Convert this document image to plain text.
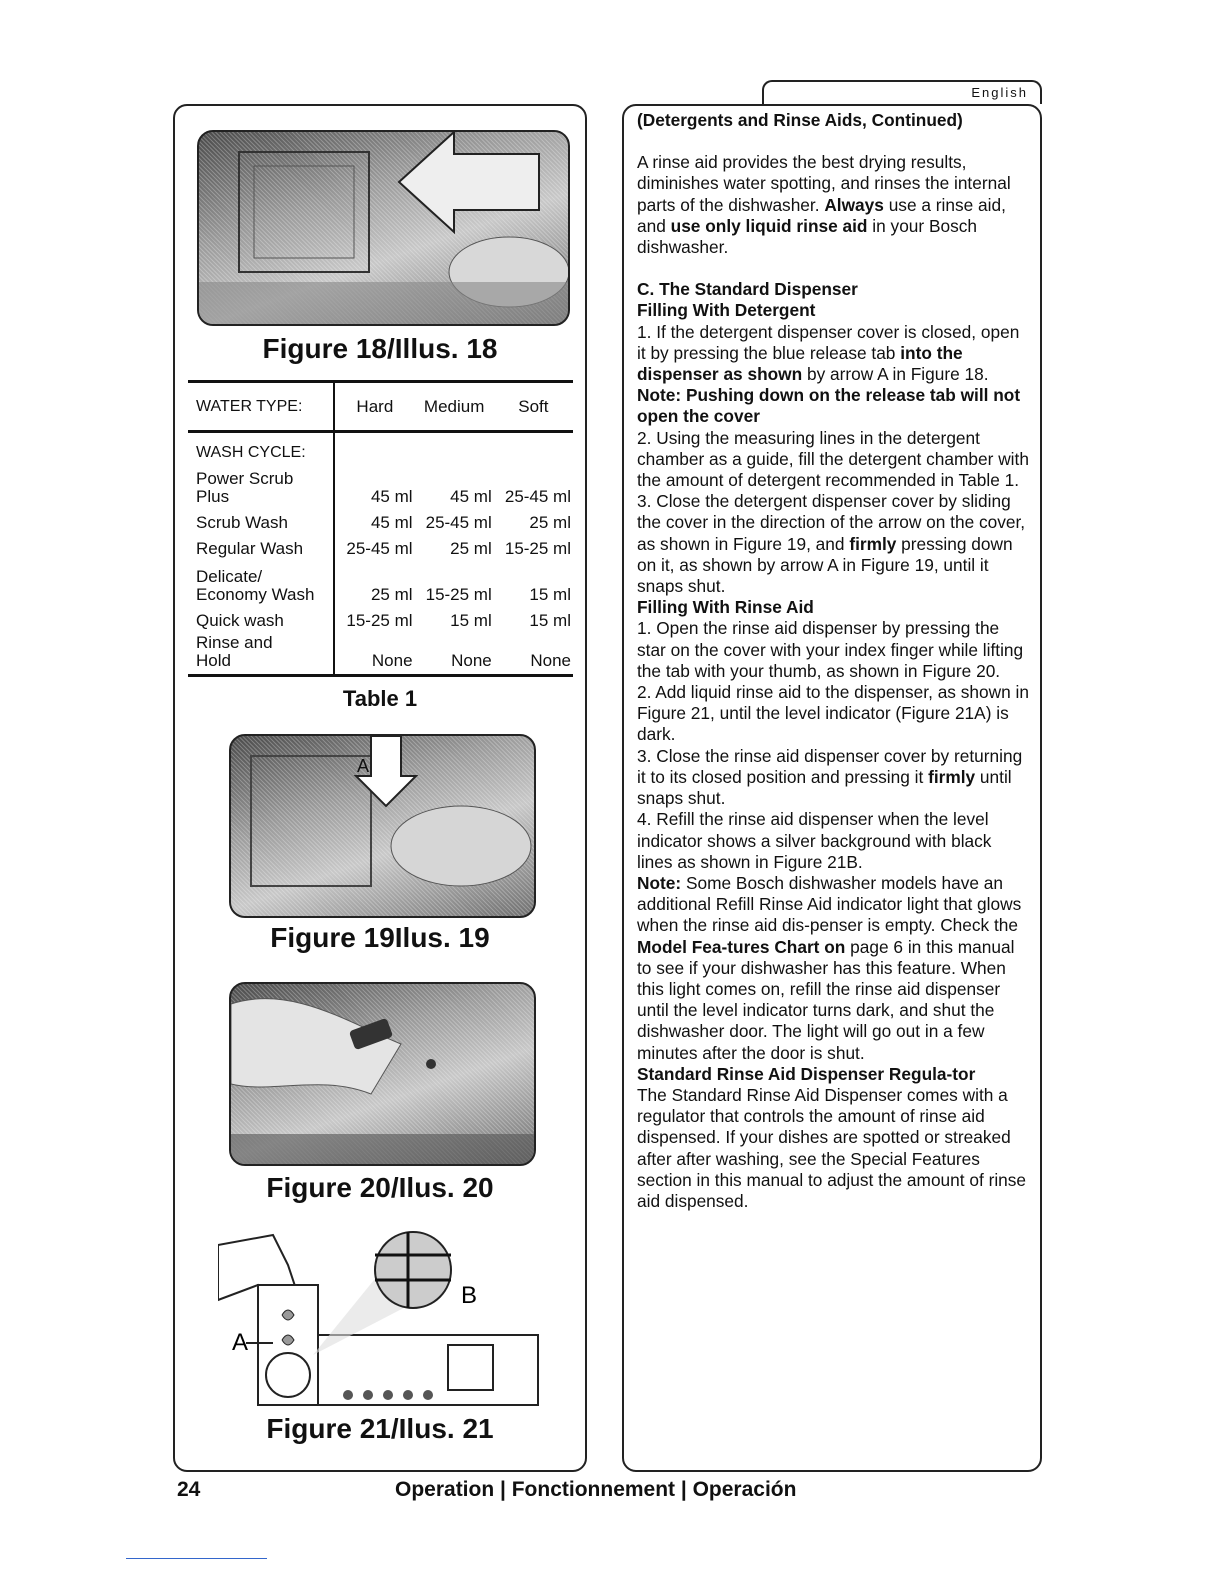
English
Figure 18/Illus. 18
WATER TYPE:	Hard	Medium	Soft
WASH CYCLE:			
Power Scrub
Plus	45 ml	45 ml	25-45 ml
Scrub Wash	45 ml	25-45 ml	25 ml
Regular Wash	25-45 ml	25 ml	15-25 ml
Delicate/
Economy Wash	25 ml	15-25 ml	15 ml
Quick wash	15-25 ml	15 ml	15 ml
Rinse and
Hold	None	None	None
Table 1
A
Figure 19Ilus. 19
Figure 20/Ilus. 20
B
A
Figure 21/Ilus. 21

(Detergents and Rinse Aids, Continued)

A rinse aid provides the best drying results, diminishes water spotting, and rinses the internal parts of the dishwasher. Always use a rinse aid, and use only liquid rinse aid in your Bosch dishwasher.

C. The Standard Dispenser

Filling With Detergent

1. If the detergent dispenser cover is closed, open it by pressing the blue release tab into the dispenser as shown by arrow A in Figure 18. Note: Pushing down on the release tab will not open the cover

2. Using the measuring lines in the detergent chamber as a guide, fill the detergent chamber with the amount of detergent recommended in Table 1.

3. Close the detergent dispenser cover by sliding the cover in the direction of the arrow on the cover, as shown in Figure 19, and firmly pressing down on it, as shown by arrow A in Figure 19, until it snaps shut.

Filling With Rinse Aid

1. Open the rinse aid dispenser by pressing the star on the cover with your index finger while lifting the tab with your thumb, as shown in Figure 20.

2. Add liquid rinse aid to the dispenser, as shown in Figure 21, until the level indicator (Figure 21A) is dark.

3. Close the rinse aid dispenser cover by returning it to its closed position and pressing it firmly until snaps shut.

4. Refill the rinse aid dispenser when the level indicator shows a silver background with black lines as shown in Figure 21B.

Note: Some Bosch dishwasher models have an additional Refill Rinse Aid indicator light that glows when the rinse aid dis-penser is empty. Check the Model Fea-tures Chart on page 6 in this manual to see if your dishwasher has this feature. When this light comes on, refill the rinse aid dispenser until the level indicator turns dark, and shut the dishwasher door. The light will go out in a few minutes after the door is shut.

Standard Rinse Aid Dispenser Regula-tor

The Standard Rinse Aid Dispenser comes with a regulator that controls the amount of rinse aid dispensed. If your dishes are spotted or streaked after after washing, see the Special Features section in this manual to adjust the amount of rinse aid dispensed.

24	Operation | Fonctionnement | Operación
